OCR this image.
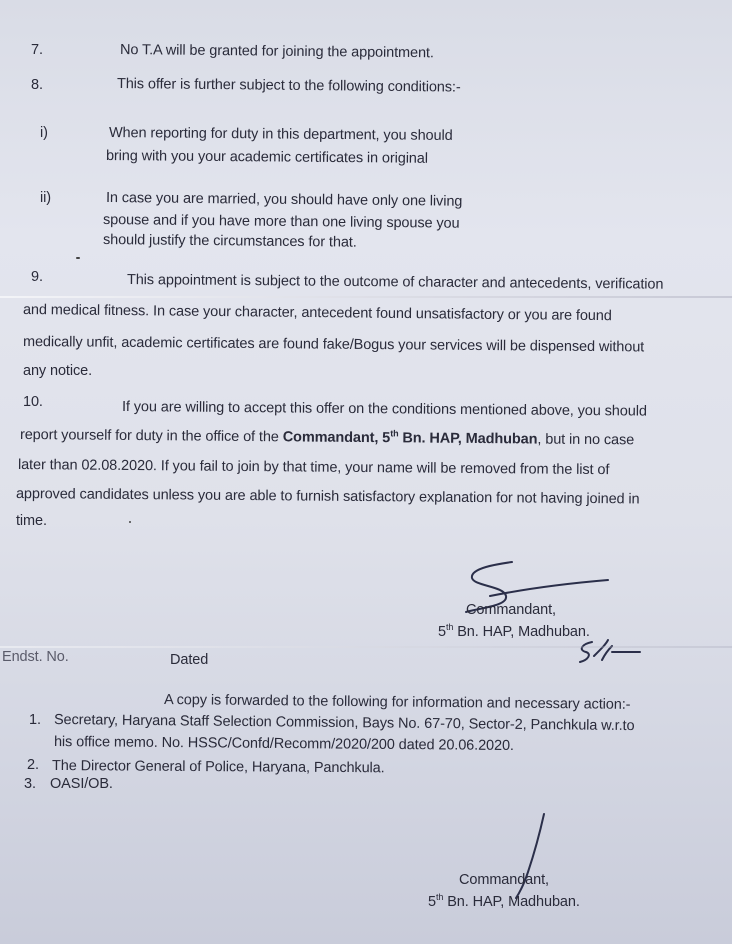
7.	No T.A will be granted for joining the appointment.
8.	This offer is further subject to the following conditions:-
i)	When reporting for duty in this department, you should
bring with you your academic certificates in original
ii)	In case you are married, you should have only one living
spouse and if you have more than one living spouse you
should justify the circumstances for that.
9.	This appointment is subject to the outcome of character and antecedents, verification
and medical fitness. In case your character, antecedent found unsatisfactory or you are found
medically unfit, academic certificates are found fake/Bogus your services will be dispensed without
any notice.
10.	If you are willing to accept this offer on the conditions mentioned above, you should
report yourself for duty in the office of the Commandant, 5th Bn. HAP, Madhuban, but in no case
later than 02.08.2020. If you fail to join by that time, your name will be removed from the list of
approved candidates unless you are able to furnish satisfactory explanation for not having joined in
time.
Commandant,
5th Bn. HAP, Madhuban.
Endst. No.	Dated
A copy is forwarded to the following for information and necessary action:-
1. Secretary, Haryana Staff Selection Commission, Bays No. 67-70, Sector-2, Panchkula w.r.to
his office memo. No. HSSC/Confd/Recomm/2020/200 dated 20.06.2020.
2. The Director General of Police, Haryana, Panchkula.
3. OASI/OB.
Commandant,
5th Bn. HAP, Madhuban.
